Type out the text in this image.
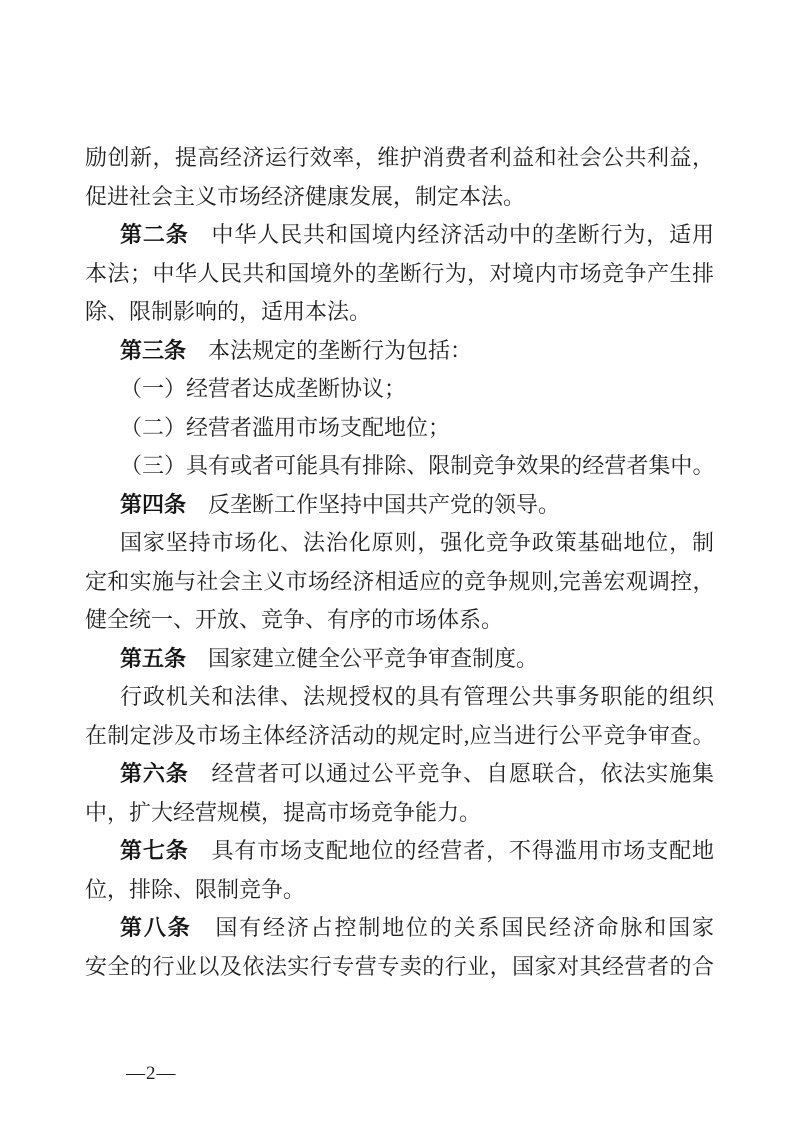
励创新，提高经济运行效率，维护消费者利益和社会公共利益，
促进社会主义市场经济健康发展，制定本法。
第二条　中华人民共和国境内经济活动中的垄断行为，适用
本法；中华人民共和国境外的垄断行为，对境内市场竞争产生排
除、限制影响的，适用本法。
第三条　本法规定的垄断行为包括：
（一）经营者达成垄断协议；
（二）经营者滥用市场支配地位；
（三）具有或者可能具有排除、限制竞争效果的经营者集中。
第四条　反垄断工作坚持中国共产党的领导。
国家坚持市场化、法治化原则，强化竞争政策基础地位，制
定和实施与社会主义市场经济相适应的竞争规则,完善宏观调控，
健全统一、开放、竞争、有序的市场体系。
第五条　国家建立健全公平竞争审查制度。
行政机关和法律、法规授权的具有管理公共事务职能的组织
在制定涉及市场主体经济活动的规定时,应当进行公平竞争审查。
第六条　经营者可以通过公平竞争、自愿联合，依法实施集
中，扩大经营规模，提高市场竞争能力。
第七条　具有市场支配地位的经营者，不得滥用市场支配地
位，排除、限制竞争。
第八条　国有经济占控制地位的关系国民经济命脉和国家
安全的行业以及依法实行专营专卖的行业，国家对其经营者的合
—2—
